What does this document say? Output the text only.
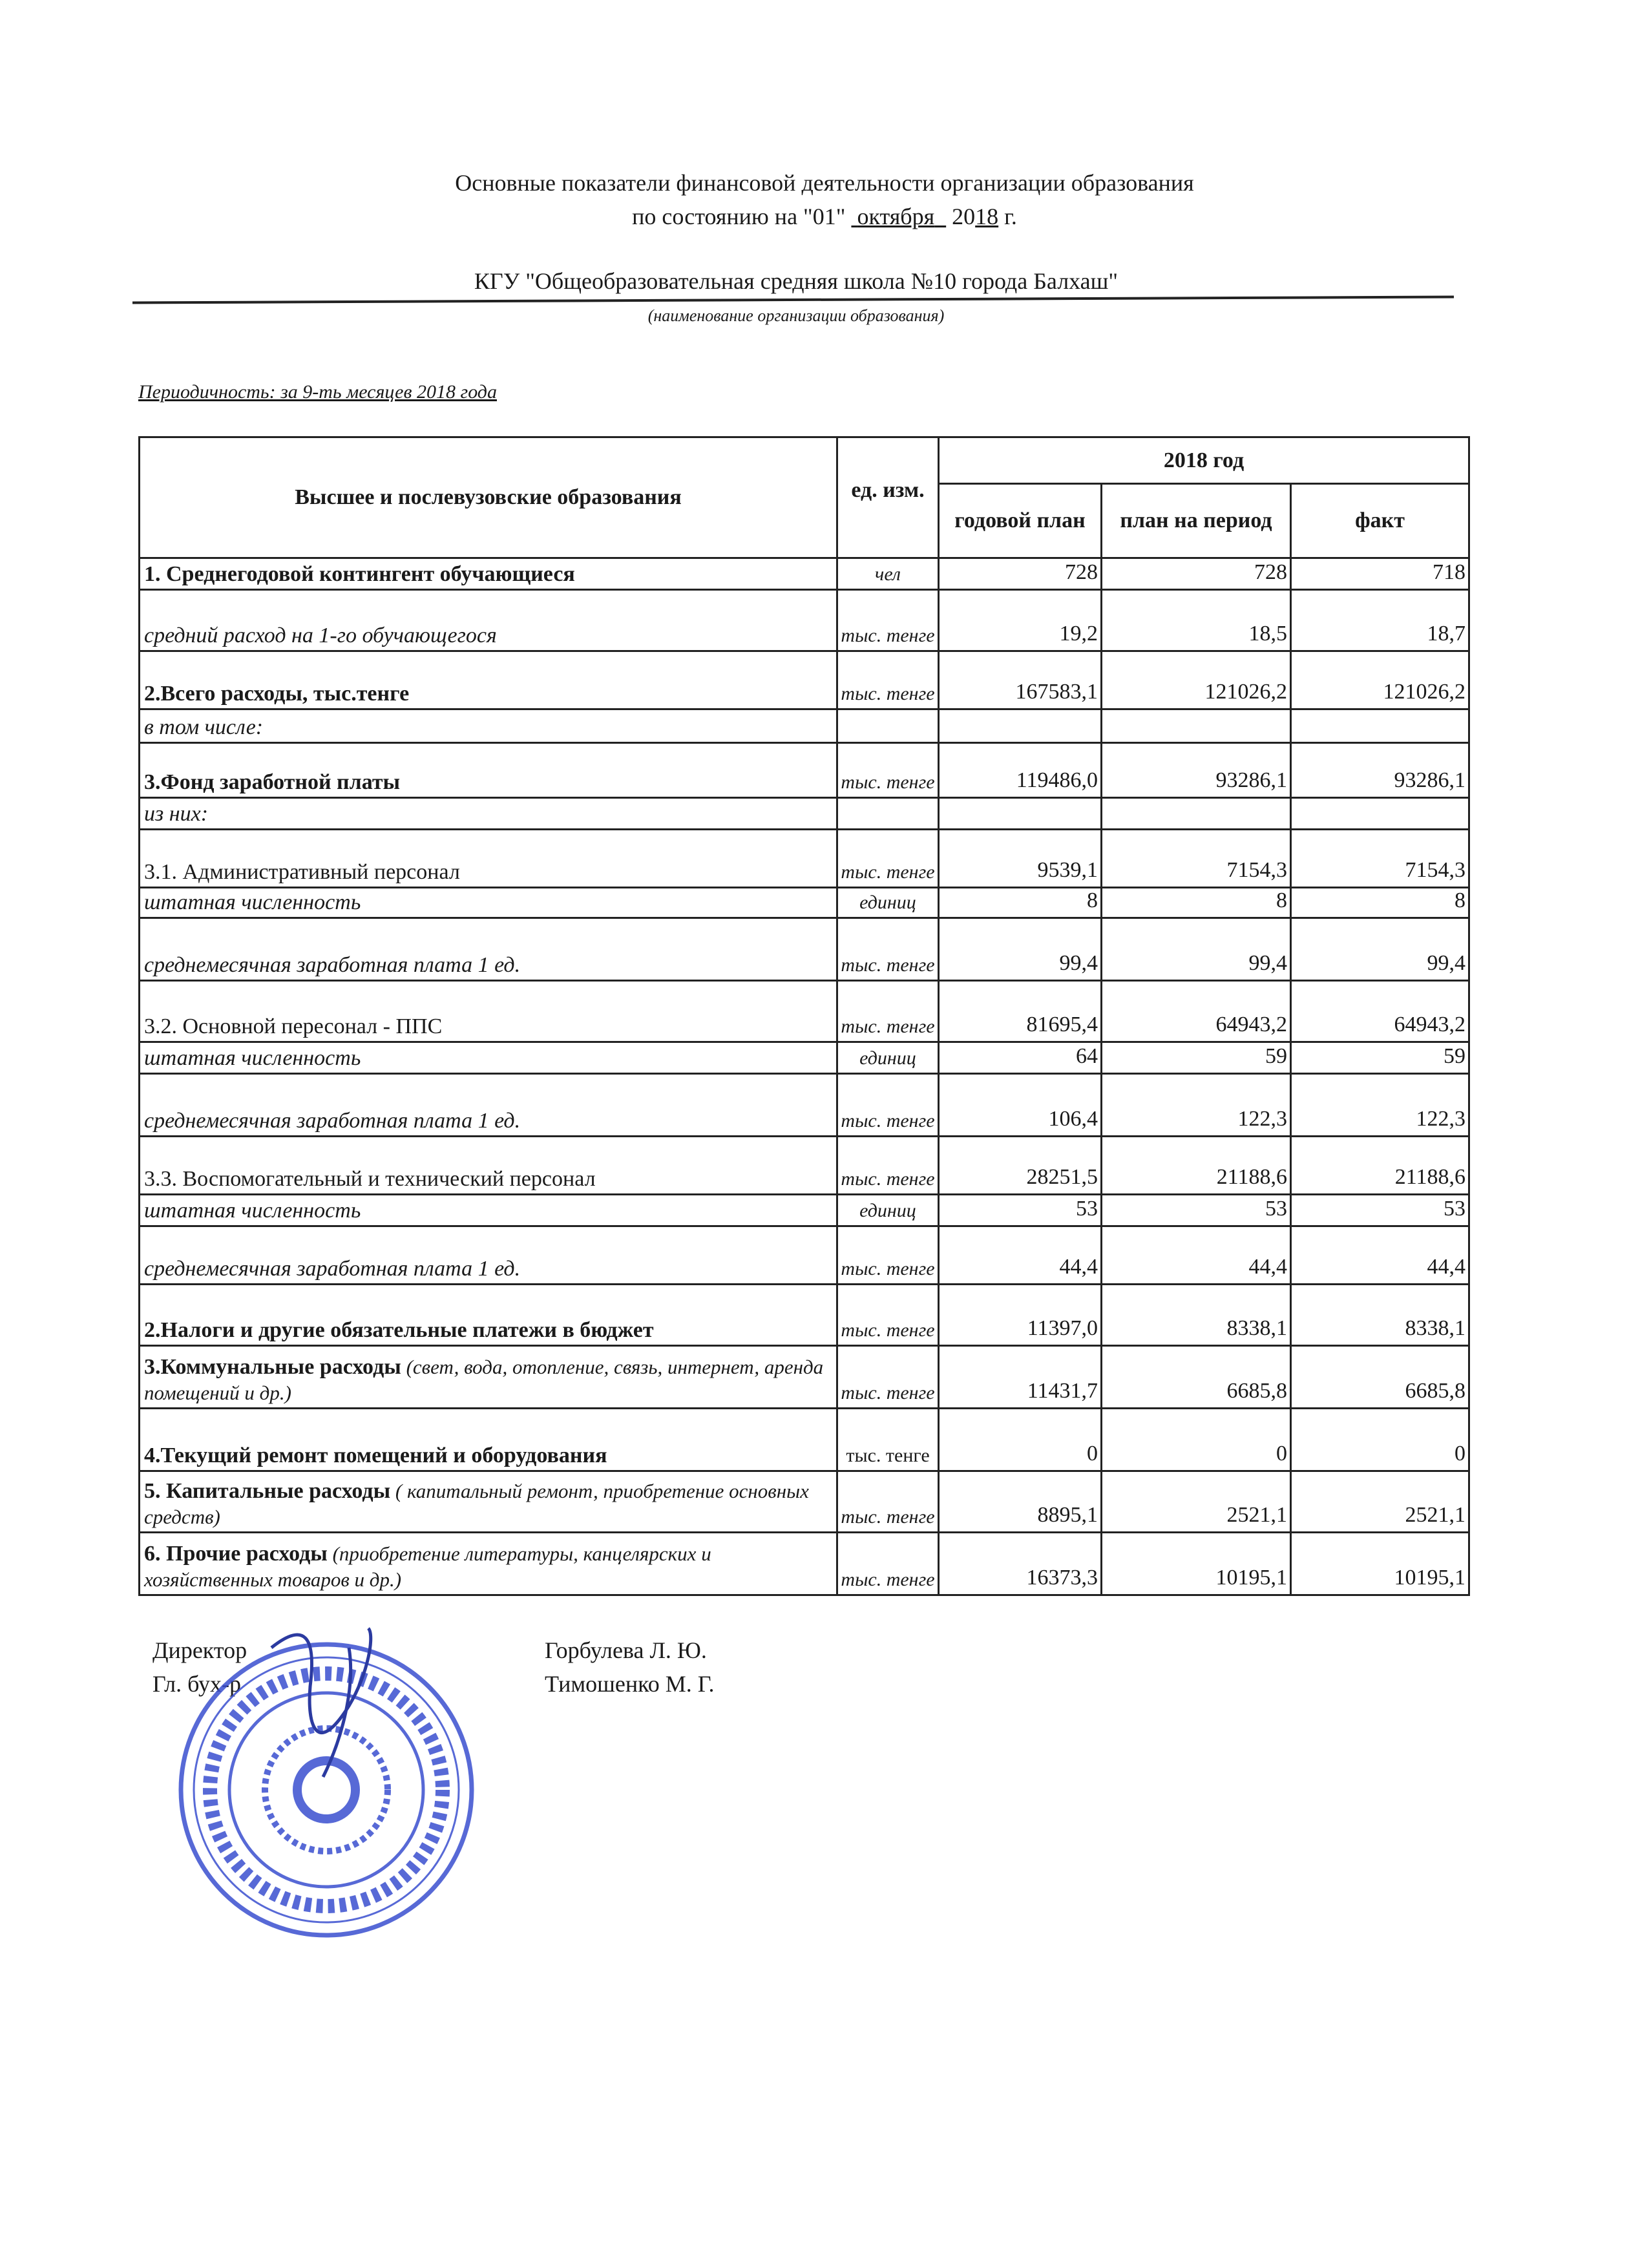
Основные показатели финансовой деятельности организации образования
по состоянию на "01" октября 2018 г.
КГУ "Общеобразовательная средняя школа №10 города Балхаш"
(наименование организации образования)
Периодичность: за 9-ть месяцев 2018 года
Высшее и послевузовские образования	ед. изм.	2018 год		
		годовой план	план на период	факт
1. Среднегодовой контингент обучающиеся	чел	728	728	718
средний расход на 1-го обучающегося	тыс. тенге	19,2	18,5	18,7
2.Всего расходы, тыс.тенге	тыс. тенге	167583,1	121026,2	121026,2
в том числе:				
3.Фонд заработной платы	тыс. тенге	119486,0	93286,1	93286,1
из них:				
3.1. Административный персонал	тыс. тенге	9539,1	7154,3	7154,3
штатная численность	единиц	8	8	8
среднемесячная заработная плата 1 ед.	тыс. тенге	99,4	99,4	99,4
3.2. Основной пересонал - ППС	тыс. тенге	81695,4	64943,2	64943,2
штатная численность	единиц	64	59	59
среднемесячная заработная плата 1 ед.	тыс. тенге	106,4	122,3	122,3
3.3. Воспомогательный и технический персонал	тыс. тенге	28251,5	21188,6	21188,6
штатная численность	единиц	53	53	53
среднемесячная заработная плата 1 ед.	тыс. тенге	44,4	44,4	44,4
2.Налоги и другие обязательные платежи в бюджет	тыс. тенге	11397,0	8338,1	8338,1
3.Коммунальные расходы (свет, вода, отопление, связь, интернет, аренда помещений и др.)	тыс. тенге	11431,7	6685,8	6685,8
4.Текущий ремонт помещений и оборудования	тыс. тенге	0	0	0
5. Капитальные расходы ( капитальный ремонт, приобретение основных средств)	тыс. тенге	8895,1	2521,1	2521,1
6. Прочие расходы (приобретение литературы, канцелярских и хозяйственных товаров и др.)	тыс. тенге	16373,3	10195,1	10195,1
Директор
Гл. бух-р
Горбулева Л. Ю.
Тимошенко М. Г.
